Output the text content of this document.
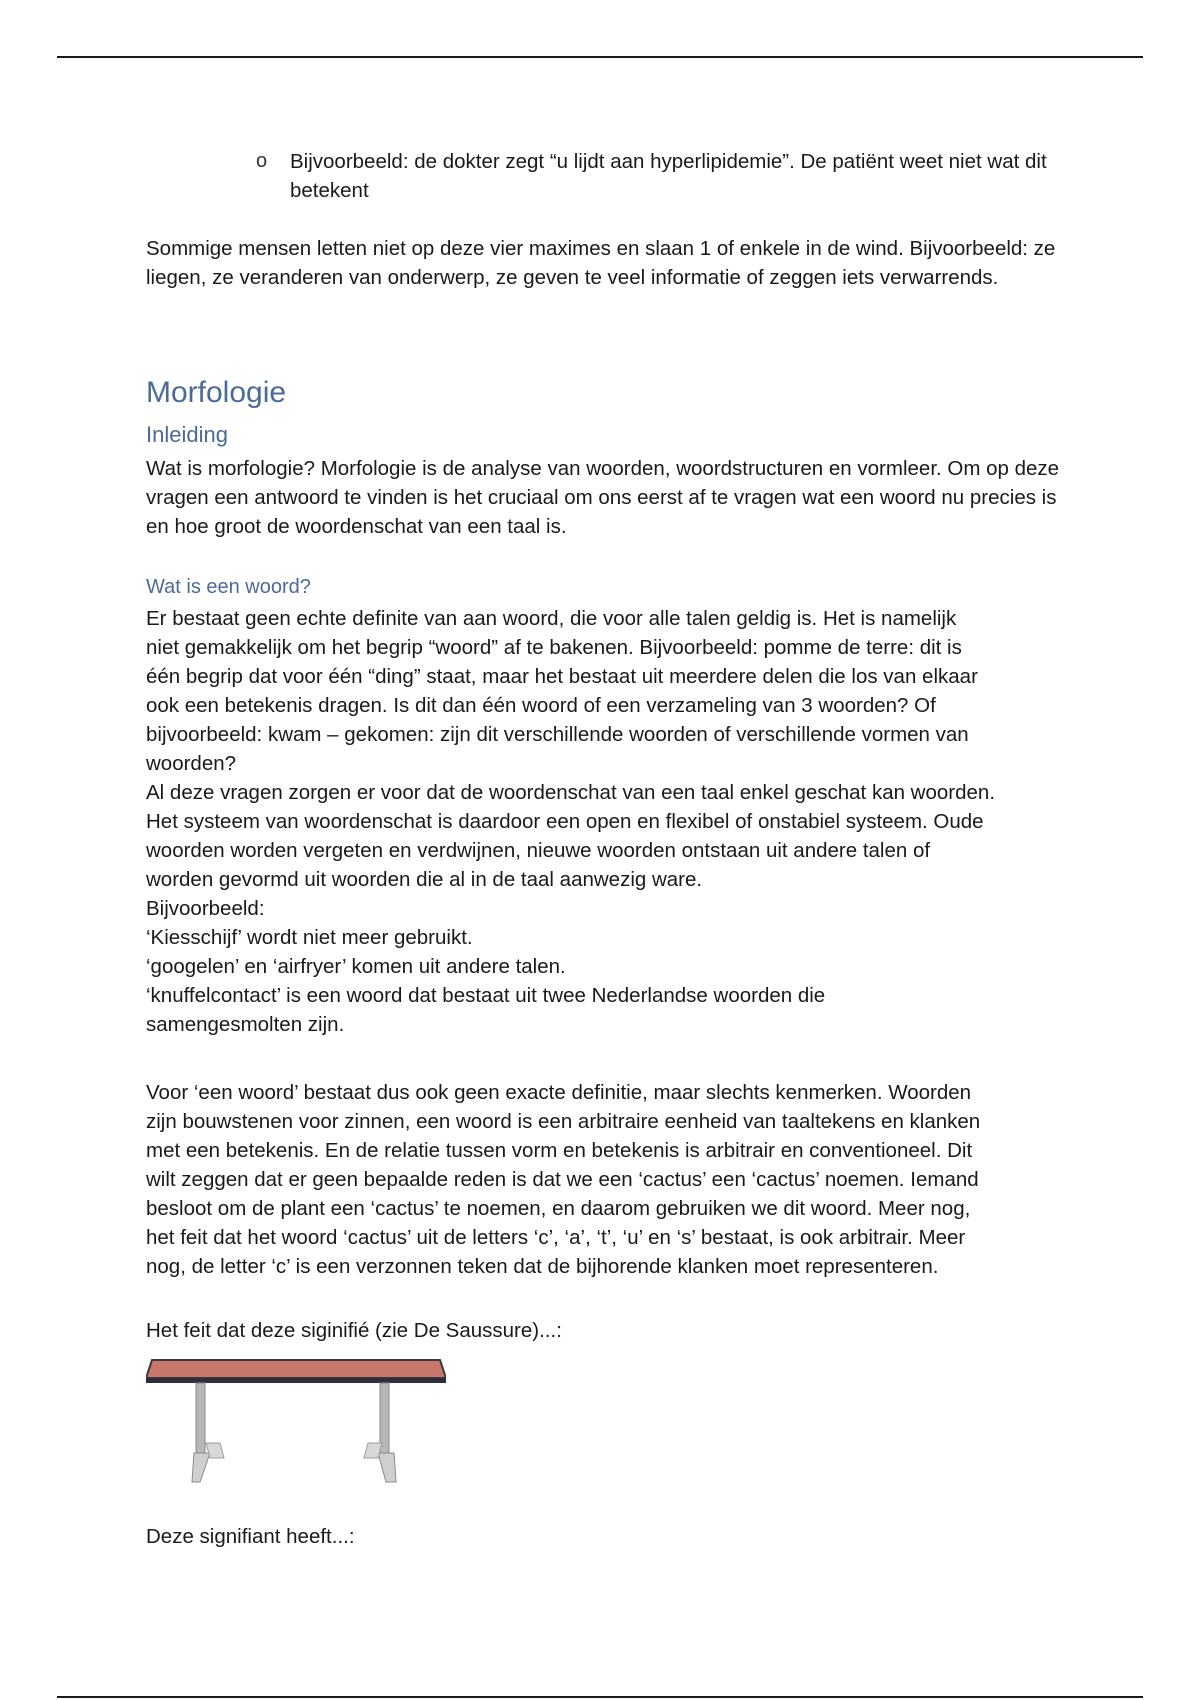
o Bijvoorbeeld: de dokter zegt “u lijdt aan hyperlipidemie”. De patiënt weet niet wat dit betekent

Sommige mensen letten niet op deze vier maximes en slaan 1 of enkele in de wind. Bijvoorbeeld: ze liegen, ze veranderen van onderwerp, ze geven te veel informatie of zeggen iets verwarrends.

Morfologie
Inleiding

Wat is morfologie? Morfologie is de analyse van woorden, woordstructuren en vormleer. Om op deze vragen een antwoord te vinden is het cruciaal om ons eerst af te vragen wat een woord nu precies is en hoe groot de woordenschat van een taal is.

Wat is een woord?
Er bestaat geen echte definite van aan woord, die voor alle talen geldig is. Het is namelijk
niet gemakkelijk om het begrip “woord” af te bakenen. Bijvoorbeeld: pomme de terre: dit is
één begrip dat voor één “ding” staat, maar het bestaat uit meerdere delen die los van elkaar
ook een betekenis dragen. Is dit dan één woord of een verzameling van 3 woorden? Of
bijvoorbeeld: kwam – gekomen: zijn dit verschillende woorden of verschillende vormen van
woorden?
Al deze vragen zorgen er voor dat de woordenschat van een taal enkel geschat kan woorden.
Het systeem van woordenschat is daardoor een open en flexibel of onstabiel systeem. Oude
woorden worden vergeten en verdwijnen, nieuwe woorden ontstaan uit andere talen of
worden gevormd uit woorden die al in de taal aanwezig ware.
Bijvoorbeeld:
‘Kiesschijf’ wordt niet meer gebruikt.
‘googelen’ en ‘airfryer’ komen uit andere talen.
‘knuffelcontact’ is een woord dat bestaat uit twee Nederlandse woorden die
samengesmolten zijn.
Voor ‘een woord’ bestaat dus ook geen exacte definitie, maar slechts kenmerken. Woorden
zijn bouwstenen voor zinnen, een woord is een arbitraire eenheid van taaltekens en klanken
met een betekenis. En de relatie tussen vorm en betekenis is arbitrair en conventioneel. Dit
wilt zeggen dat er geen bepaalde reden is dat we een ‘cactus’ een ‘cactus’ noemen. Iemand
besloot om de plant een ‘cactus’ te noemen, en daarom gebruiken we dit woord. Meer nog,
het feit dat het woord ‘cactus’ uit de letters ‘c’, ‘a’, ‘t’, ‘u’ en ‘s’ bestaat, is ook arbitrair. Meer
nog, de letter ‘c’ is een verzonnen teken dat de bijhorende klanken moet representeren.

Het feit dat deze siginifié (zie De Saussure)...:

Deze signifiant heeft...:
